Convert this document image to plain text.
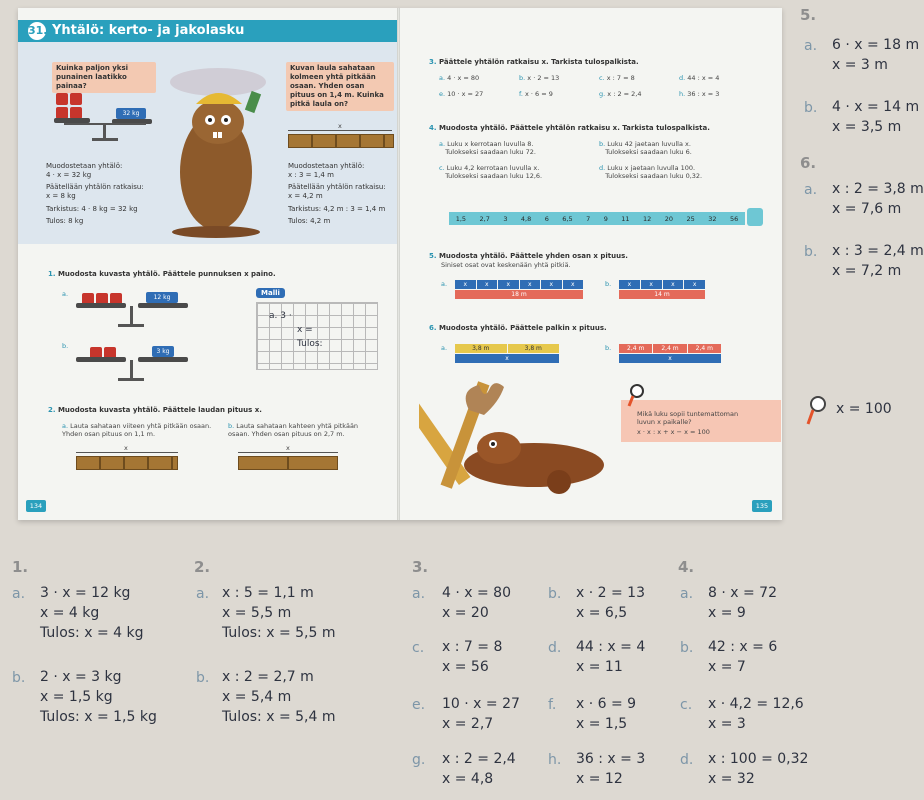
31. Yhtälö: kerto- ja jakolasku
Kuinka paljon yksi punainen laatikko painaa?
32 kg
Muodostetaan yhtälö:
4 · x = 32 kg
Päätellään yhtälön ratkaisu:
x = 8 kg
Tarkistus: 4 · 8 kg = 32 kg
Tulos: 8 kg
Kuvan laula sahataan kolmeen yhtä pitkään osaan. Yhden osan pituus on 1,4 m. Kuinka pitkä laula on?
x
Muodostetaan yhtälö:
x : 3 = 1,4 m
Päätellään yhtälön ratkaisu:
x = 4,2 m
Tarkistus: 4,2 m : 3 = 1,4 m
Tulos: 4,2 m
1. Muodosta kuvasta yhtälö. Päättele punnuksen x paino.
a.	12 kg
b.
3 kg
Malli
a. 3 ·
x =
Tulos:
2. Muodosta kuvasta yhtälö. Päättele laudan pituus x.
a. Lauta sahataan viiteen yhtä pitkään osaan. Yhden osan pituus on 1,1 m.
b. Lauta sahataan kahteen yhtä pitkään osaan. Yhden osan pituus on 2,7 m.
x	x
134
3. Päättele yhtälön ratkaisu x. Tarkista tulospalkista.
a. 4 · x = 80	b. x · 2 = 13	c. x : 7 = 8	d. 44 : x = 4
e. 10 · x = 27	f. x · 6 = 9	g. x : 2 = 2,4	h. 36 : x = 3
4. Muodosta yhtälö. Päättele yhtälön ratkaisu x. Tarkista tulospalkista.
a. Luku x kerrotaan luvulla 8.
Tulokseksi saadaan luku 72.
b. Luku 42 jaetaan luvulla x.
Tulokseksi saadaan luku 6.
c. Luku 4,2 kerrotaan luvulla x.
Tulokseksi saadaan luku 12,6.
d. Luku x jaetaan luvulla 100.
Tulokseksi saadaan luku 0,32.
1,5 2,7 3 4,8 6 6,5 7 9 11 12 20 25 32 56
5. Muodosta yhtälö. Päättele yhden osan x pituus.
Siniset osat ovat keskenään yhtä pitkiä.
a.	x	x	x	x	x	x
18 m
b.	x	x	x	x
14 m
6. Muodosta yhtälö. Päättele palkin x pituus.
a.	3,8 m	3,8 m
x
b.	2,4 m	2,4 m	2,4 m
x
Mikä luku sopii tuntemattoman
luvun x paikalle?
x · x : x + x − x = 100
135
5.
a. 6 · x = 18 m
x = 3 m
b. 4 · x = 14 m
x = 3,5 m
6.
a. x : 2 = 3,8 m
x = 7,6 m
b. x : 3 = 2,4 m
x = 7,2 m
x = 100
1.
a. 3 · x = 12 kg
x = 4 kg
Tulos: x = 4 kg
b. 2 · x = 3 kg
x = 1,5 kg
Tulos: x = 1,5 kg
2.
a. x : 5 = 1,1 m
x = 5,5 m
Tulos: x = 5,5 m
b. x : 2 = 2,7 m
x = 5,4 m
Tulos: x = 5,4 m
3.
a. 4 · x = 80
x = 20
b. x · 2 = 13
x = 6,5
c. x : 7 = 8
x = 56
d. 44 : x = 4
x = 11
e. 10 · x = 27
x = 2,7
f. x · 6 = 9
x = 1,5
g. x : 2 = 2,4
x = 4,8
h. 36 : x = 3
x = 12
4.
a. 8 · x = 72
x = 9
b. 42 : x = 6
x = 7
c. x · 4,2 = 12,6
x = 3
d. x : 100 = 0,32
x = 32
